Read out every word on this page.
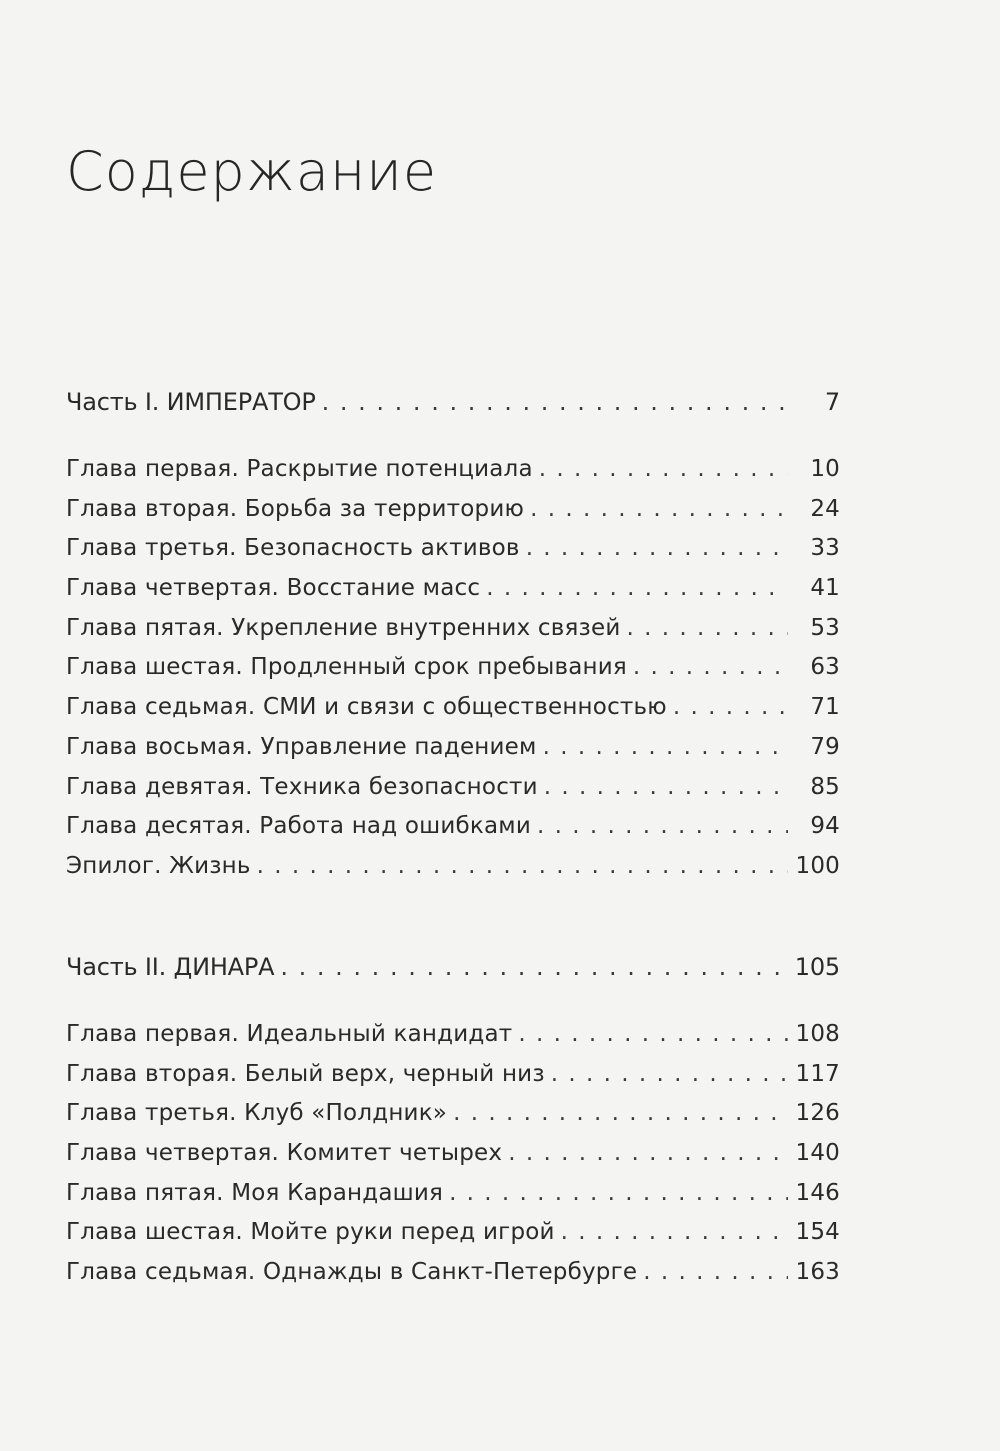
Содержание
Часть I. ИМПЕРАТОР . . .	7
Глава первая. Раскрытие потенциала . . .	10
Глава вторая. Борьба за территорию . . .	24
Глава третья. Безопасность активов . . .	33
Глава четвертая. Восстание масс . . .	41
Глава пятая. Укрепление внутренних связей . . .	53
Глава шестая. Продленный срок пребывания . . .	63
Глава седьмая. СМИ и связи с общественностью . . .	71
Глава восьмая. Управление падением . . .	79
Глава девятая. Техника безопасности . . .	85
Глава десятая. Работа над ошибками . . .	94
Эпилог. Жизнь . . .	100
Часть II. ДИНАРА . . .	105
Глава первая. Идеальный кандидат . . .	108
Глава вторая. Белый верх, черный низ . . .	117
Глава третья. Клуб «Полдник» . . .	126
Глава четвертая. Комитет четырех . . .	140
Глава пятая. Моя Карандашия . . .	146
Глава шестая. Мойте руки перед игрой . . .	154
Глава седьмая. Однажды в Санкт-Петербурге . . .	163
